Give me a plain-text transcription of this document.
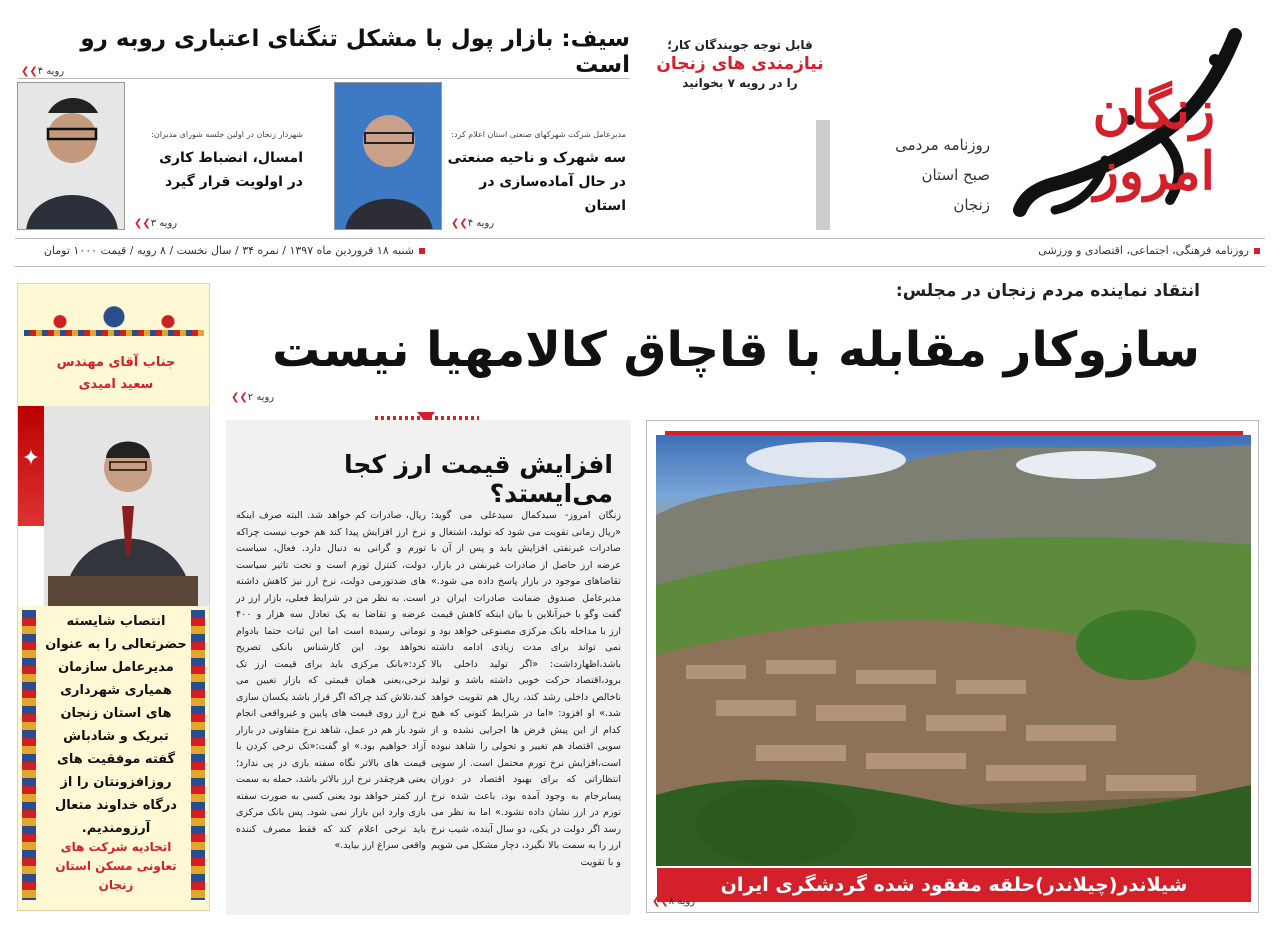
زنگان امروز
روزنامه مردمی
صبح استان
زنجان
قابل توجه جویندگان کار؛
نیازمندی های زنجان
را در رویه ۷ بخوانید
سیف: بازار پول با مشکل تنگنای اعتباری روبه رو است
رویه ۴❯❯
مدیرعامل شرکت شهرکهای صنعتی استان اعلام کرد:
سه شهرک و ناحیه صنعتی
در حال آماده‌سازی در استان
رویه ۴❯❯
شهردار زنجان در اولین جلسه شورای مدیران:
امسال، انضباط کاری
در اولویت قرار گیرد
رویه ۳❯❯
شنبه ۱۸ فروردین ماه ۱۳۹۷ / نمره ۳۴ / سال نخست / ۸ رویه / قیمت ۱۰۰۰ تومان	روزنامه فرهنگی، اجتماعی، اقتصادی و ورزشی
انتقاد نماینده مردم زنجان در مجلس:
سازوکار مقابله با قاچاق کالامهیا نیست
رویه ۲❯❯
جناب آقای مهندس
سعید امیدی
✦
انتصاب شایسته
حضرتعالی را به عنوان
مدیرعامل سازمان
همیاری شهرداری
های استان زنجان
تبریک و شادباش
گفته موفقیت های
روزافزونتان را از
درگاه خداوند متعال
آرزومندیم.
اتحادیه شرکت های
تعاونی مسکن استان
زنجان
افزایش قیمت ارز کجا می‌ایستد؟
زنگان امروز- سیدکمال سیدعلی می گوید: «ریال زمانی تقویت می شود که تولید، اشتغال و صادرات غیرنفتی افزایش یابد و پس از آن با عرضه ارز حاصل از صادرات غیرنفتی در بازار، تقاضاهای موجود در بازار پاسخ داده می شود.» مدیرعامل صندوق ضمانت صادرات ایران در گفت وگو با خبرآنلاین با بیان اینکه کاهش قیمت ارز با مداخله بانک مرکزی مصنوعی خواهد بود و نمی تواند برای مدت زیادی ادامه داشته باشد،اظهارداشت: «اگر تولید داخلی بالا برود،اقتصاد حرکت خوبی داشته باشد و تولید ناخالص داخلی رشد کند، ریال هم تقویت خواهد شد.» او افزود: «اما در شرایط کنونی که هیچ کدام از این پیش فرض ها اجرایی نشده و از سویی اقتصاد هم تغییر و تحولی را شاهد نبوده است،افزایش نرخ تورم محتمل است. از سویی انتظاراتی که برای بهبود اقتصاد در دوران پسابرجام به وجود آمده بود، باعث شده نرخ تورم در ارز نشان داده نشود.» اما به نظر می رسد اگر دولت در یکی، دو سال آینده، شیب نرخ ارز را به سمت بالا نگیرد، دچار مشکل می شویم و با تقویت
ریال، صادرات کم خواهد شد. البته صرف اینکه نرخ ارز افزایش پیدا کند هم خوب نیست چراکه تورم و گرانی به دنبال دارد. فعال، سیاست دولت، کنترل تورم است و تحت تاثیر سیاست های ضدتورمی دولت، نرخ ارز نیز کاهش داشته است. به نظر من در شرایط فعلی، بازار ارز در عرضه و تقاضا به یک تعادل سه هزار و ۴۰۰ تومانی رسیده است اما این ثبات حتما بادوام نخواهد بود. این کارشناس بانکی تصریح کرد:«بانک مرکزی باید برای قیمت ارز تک نرخی،یعنی همان قیمتی که بازار تعیین می کند،تلاش کند چراکه اگر قرار باشد یکسان سازی نرخ ارز روی قیمت های پایین و غیرواقعی انجام شود باز هم در عمل، شاهد نرخ متفاوتی در بازار آزاد خواهیم بود.» او گفت:«تک نرخی کردن با قیمت های بالاتر نگاه سفته بازی در پی ندارد؛یعنی هرچقدر نرخ ارز بالاتر باشد، حمله به سمت ارز کمتر خواهد بود یعنی کسی به صورت سفته بازی وارد این بازار نمی شود. پس بانک مرکزی باید نرخی اعلام کند که فقط مصرف کننده واقعی سراغ ارز بیاید.»
شیلاندر(چیلاندر)حلقه مفقود شده گردشگری ایران
رویه ۸❯❯
